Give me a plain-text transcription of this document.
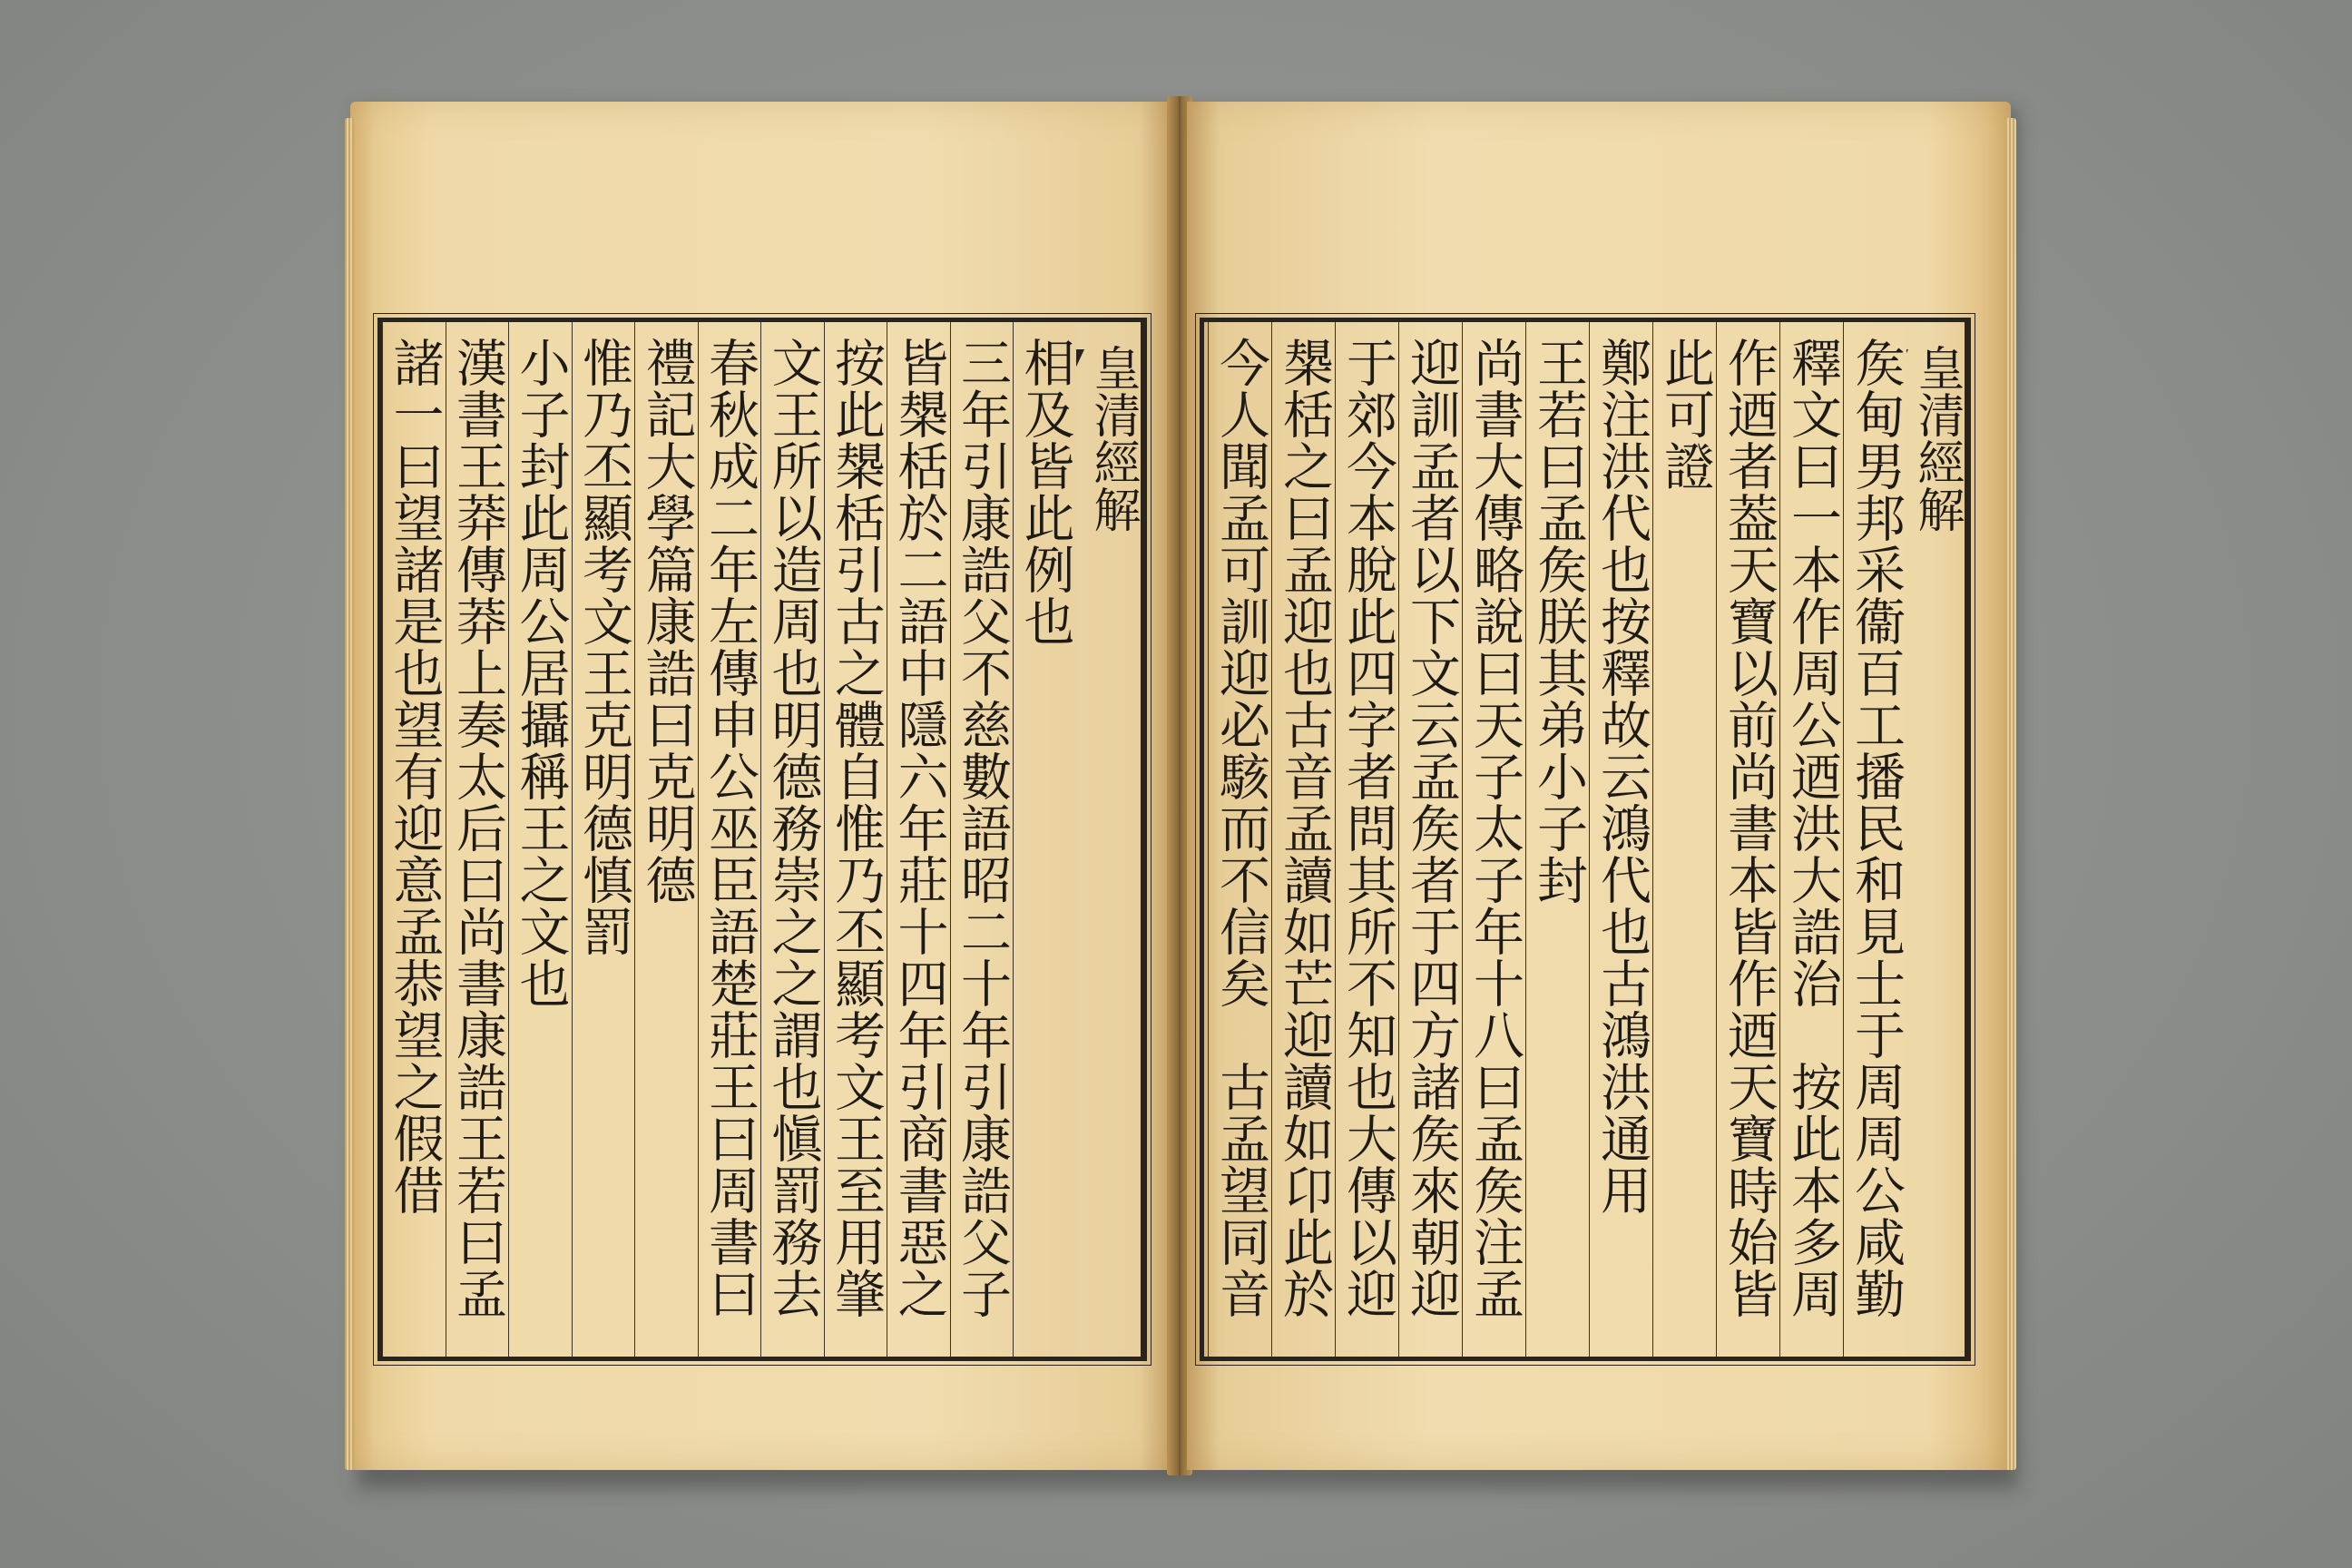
皇清經解
相及皆此例也
三年引康誥父不慈數語昭二十年引康誥父子
皆槼栝於二語中隱六年莊十四年引商書惡之
按此槼栝引古之體自惟乃丕顯考文王至用肇
文王所以造周也明德務崇之之謂也愼罰務去
春秋成二年左傳申公巫臣語楚莊王曰周書曰
禮記大學篇康誥曰克明德
惟乃丕顯考文王克明德慎罰
小子封此周公居攝稱王之文也
漢書王莽傳莽上奏太后曰尚書康誥王若曰孟
諸一曰望諸是也望有迎意孟恭望之假借	皇清經解
矦甸男邦采衞百工播民和見士于周周公咸勤
釋文曰一本作周公迺洪大誥治　按此本多周
作迺者葢天寶以前尚書本皆作迺天寶時始皆
此可證
鄭注洪代也按釋故云鴻代也古鴻洪通用
王若曰孟矦朕其弟小子封
尚書大傳略說曰天子太子年十八曰孟矦注孟
迎訓孟者以下文云孟矦者于四方諸矦來朝迎
于郊今本脫此四字者問其所不知也大傳以迎
槼栝之曰孟迎也古音孟讀如芒迎讀如卬此於
今人聞孟可訓迎必駭而不信矣　古孟望同音
